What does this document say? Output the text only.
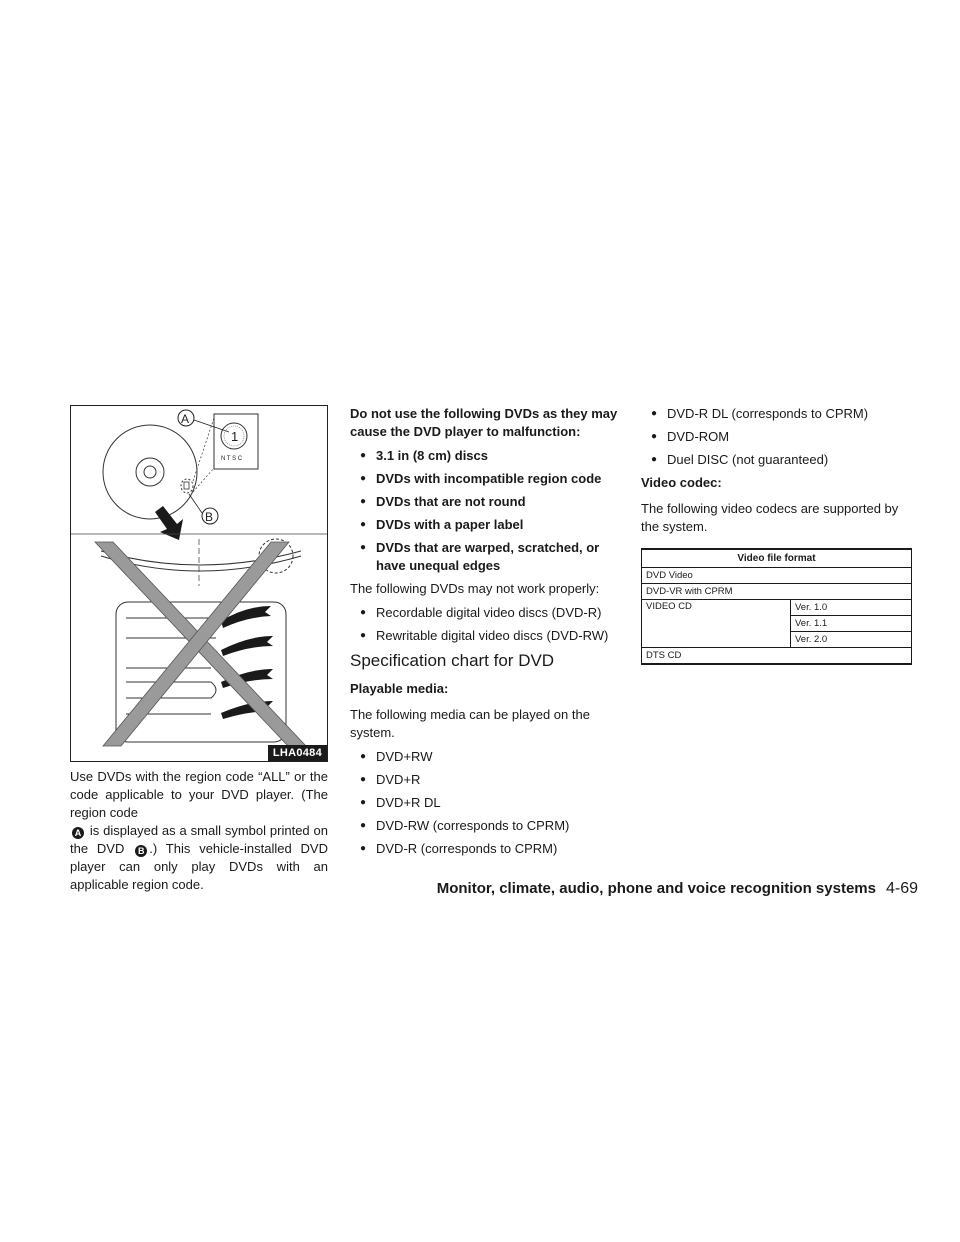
1
N T S C
A
B
LHA0484

Use DVDs with the region code “ALL” or the code applicable to your DVD player. (The region code
A is displayed as a small symbol printed on the DVD B .) This vehicle-installed DVD player can only play DVDs with an applicable region code.

Do not use the following DVDs as they may cause the DVD player to malfunction:
● 3.1 in (8 cm) discs
● DVDs with incompatible region code
● DVDs that are not round
● DVDs with a paper label
● DVDs that are warped, scratched, or have unequal edges

The following DVDs may not work properly:

● Recordable digital video discs (DVD-R)
● Rewritable digital video discs (DVD-RW)
Specification chart for DVD
Playable media:

The following media can be played on the system.

● DVD+RW
● DVD+R
● DVD+R DL
● DVD-RW (corresponds to CPRM)
● DVD-R (corresponds to CPRM)
● DVD-R DL (corresponds to CPRM)
● DVD-ROM
● Duel DISC (not guaranteed)
Video codec:

The following video codecs are supported by the system.

Video file format
DVD Video
DVD-VR with CPRM
VIDEO CD	Ver. 1.0
Ver. 1.1
Ver. 2.0
DTS CD
Monitor, climate, audio, phone and voice recognition systems 4-69
